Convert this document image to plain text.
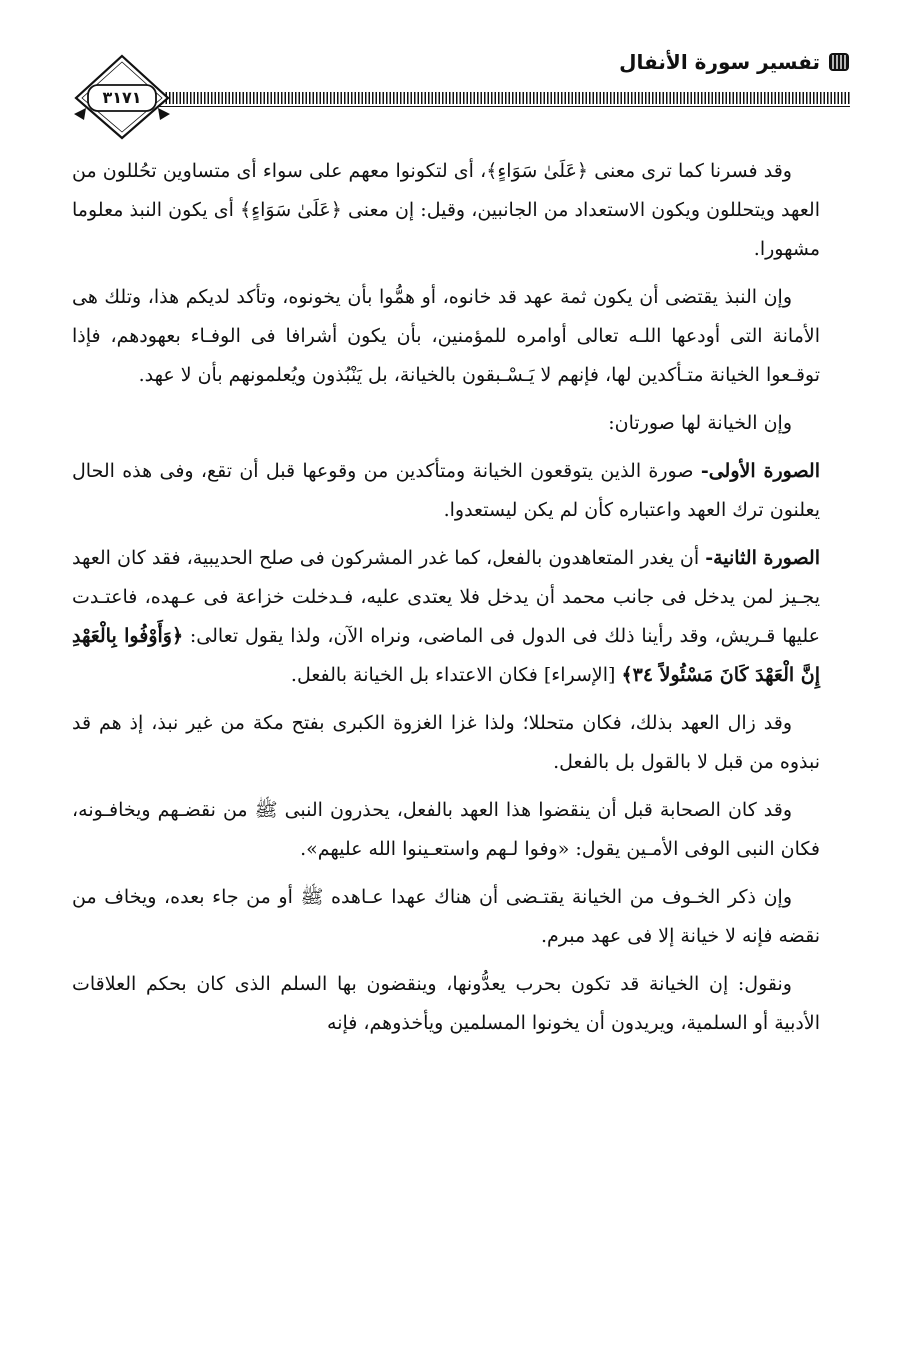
تفسير سورة الأنفال
٣١٧١

وقد فسرنا كما ترى معنى ﴿عَلَىٰ سَوَاءٍ﴾، أى لتكونوا معهم على سواء أى متساوين تحُللون من العهد ويتحللون ويكون الاستعداد من الجانبين، وقيل: إن معنى ﴿عَلَىٰ سَوَاءٍ﴾ أى يكون النبذ معلوما مشهورا.

وإن النبذ يقتضى أن يكون ثمة عهد قد خانوه، أو همُّوا بأن يخونوه، وتأكد لديكم هذا، وتلك هى الأمانة التى أودعها اللـه تعالى أوامره للمؤمنين، بأن يكون أشرافا فى الوفـاء بعهودهم، فإذا توقـعوا الخيانة متـأكدين لها، فإنهم لا يَـسْـبقون بالخيانة، بل يَنْبُذون ويُعلمونهم بأن لا عهد.

وإن الخيانة لها صورتان:

الصورة الأولى- صورة الذين يتوقعون الخيانة ومتأكدين من وقوعها قبل أن تقع، وفى هذه الحال يعلنون ترك العهد واعتباره كأن لم يكن ليستعدوا.

الصورة الثانية- أن يغدر المتعاهدون بالفعل، كما غدر المشركون فى صلح الحديبية، فقد كان العهد يجـيز لمن يدخل فى جانب محمد أن يدخل فلا يعتدى عليه، فـدخلت خزاعة فى عـهده، فاعتـدت عليها قـريش، وقد رأينا ذلك فى الدول فى الماضى، ونراه الآن، ولذا يقول تعالى: ﴿وَأَوْفُوا بِالْعَهْدِ إِنَّ الْعَهْدَ كَانَ مَسْئُولاً ٣٤﴾ [الإسراء] فكان الاعتداء بل الخيانة بالفعل.

وقد زال العهد بذلك، فكان متحللا؛ ولذا غزا الغزوة الكبرى بفتح مكة من غير نبذ، إذ هم قد نبذوه من قبل لا بالقول بل بالفعل.

وقد كان الصحابة قبل أن ينقضوا هذا العهد بالفعل، يحذرون النبى ﷺ من نقضـهم ويخافـونه، فكان النبى الوفى الأمـين يقول: «وفوا لـهم واستعـينوا الله عليهم».

وإن ذكر الخـوف من الخيانة يقتـضى أن هناك عهدا عـاهده ﷺ أو من جاء بعده، ويخاف من نقضه فإنه لا خيانة إلا فى عهد مبرم.

ونقول: إن الخيانة قد تكون بحرب يعدُّونها، وينقضون بها السلم الذى كان بحكم العلاقات الأدبية أو السلمية، ويريدون أن يخونوا المسلمين ويأخذوهم، فإنه
